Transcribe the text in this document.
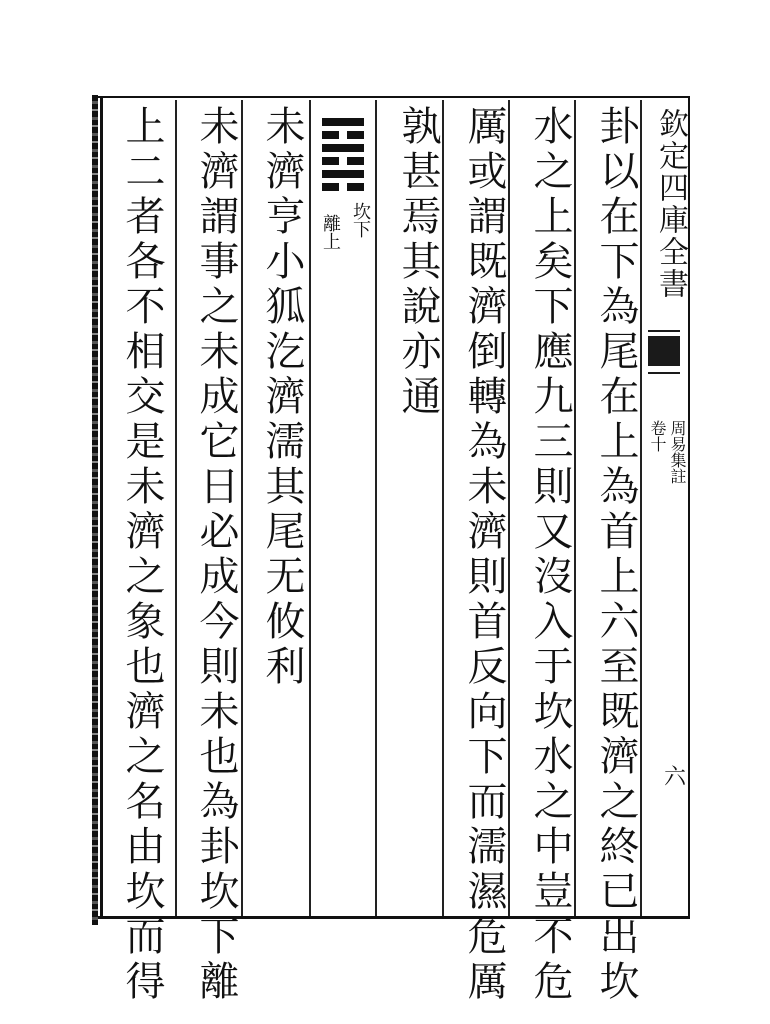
欽定四庫全書
周易集註
卷十
六
卦以在下為尾在上為首上六至既濟之終已出坎
水之上矣下應九三則又沒入于坎水之中豈不危
厲或謂既濟倒轉為未濟則首反向下而濡濕危厲
孰甚焉其說亦通
坎下
離上
未濟亨小狐汔濟濡其尾无攸利
未濟謂事之未成它日必成今則未也為卦坎下離
上二者各不相交是未濟之象也濟之名由坎而得
